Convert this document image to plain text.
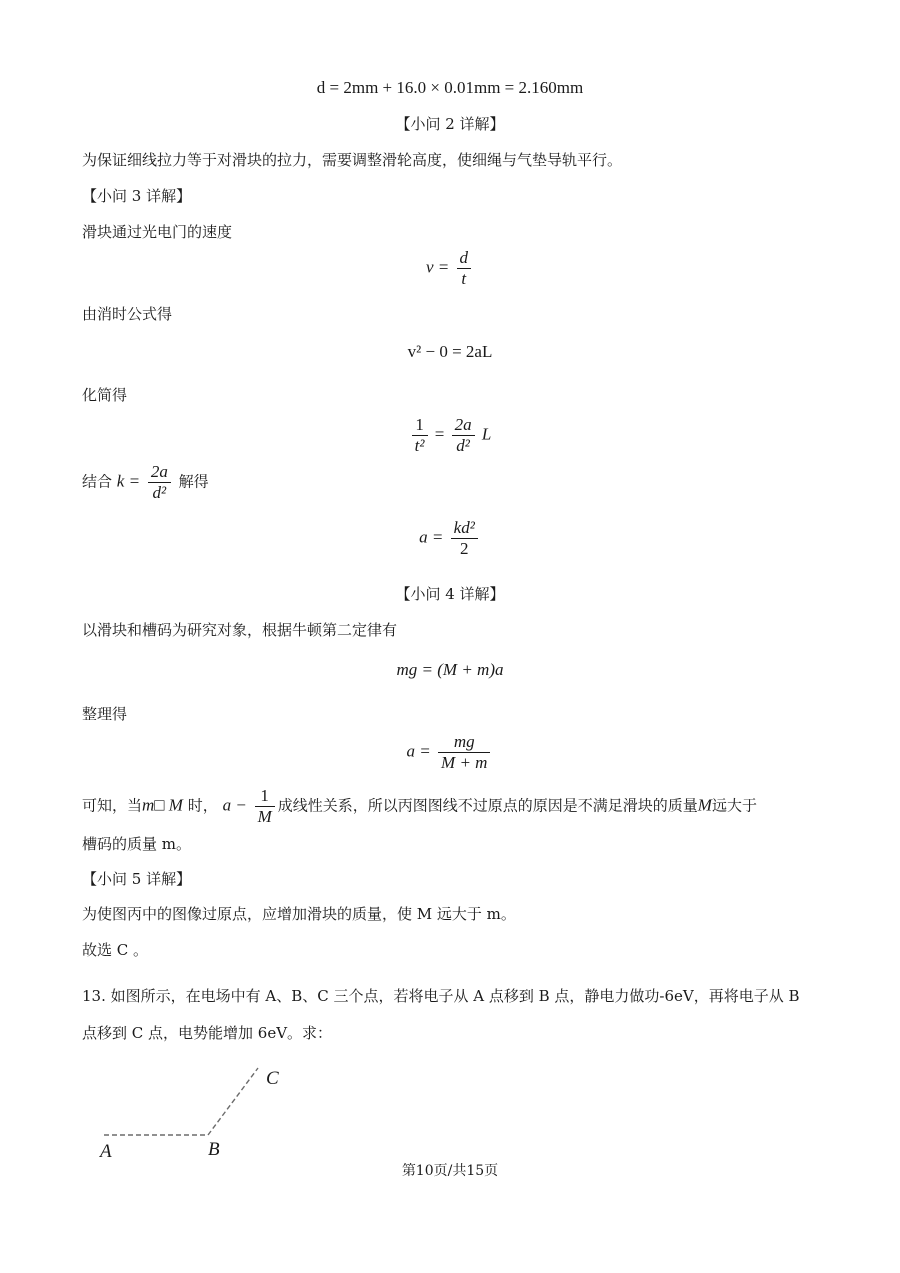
d = 2mm + 16.0 × 0.01mm = 2.160mm
【小问 2 详解】
为保证细线拉力等于对滑块的拉力，需要调整滑轮高度，使细绳与气垫导轨平行。
【小问 3 详解】
滑块通过光电门的速度
$v = \frac{d}{t}$
由消时公式得
v² − 0 = 2aL
化简得
$\frac{1}{\text{t²}} = \frac{2a}{\text{d²}}$ L
结合 $k = \frac{2a}{\text{d²}}$ 解得
$a = \frac{\text{kd²}}{2}$
【小问 4 详解】
以滑块和槽码为研究对象，根据牛顿第二定律有
mg = (M + m)a
整理得
$a = \frac{mg}{M + m}$
可知，当m□ M 时， $a - \frac{1}{M}$ 成线性关系，所以丙图图线不过原点的原因是不满足滑块的质量M远大于
槽码的质量 m。
【小问 5 详解】
为使图丙中的图像过原点，应增加滑块的质量，使 M 远大于 m。
故选 C 。
13. 如图所示，在电场中有 A、B、C 三个点，若将电子从 A 点移到 B 点，静电力做功-6eV，再将电子从 B
点移到 C 点，电势能增加 6eV。求：
A	B
C
第10页/共15页
